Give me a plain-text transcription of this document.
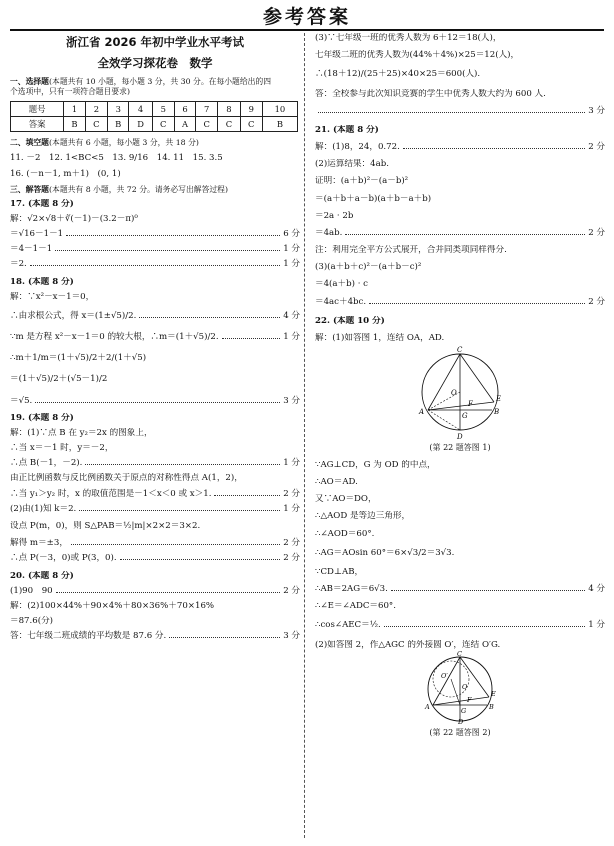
参考答案
浙江省 2026 年初中学业水平考试
全效学习探花卷　数学

一、选择题(本题共有 10 小题，每小题 3 分，共 30 分。在每小题给出的四

个选项中，只有一项符合题目要求)

题号	1	2	3	4	5	6	7	8	9	10
答案	B	C	B	D	C	A	C	C	C	B

二、填空题(本题共有 6 小题，每小题 3 分，共 18 分)

11. －2　12. 1<BC<5　13. 9/16　14. 11　15. 3.5

16. (－n－1, m＋1)　(0, 1)

三、解答题(本题共有 8 小题，共 72 分。请务必写出解答过程)

17. (本题 8 分)

解：√2×√8＋∛(－1)－(3.2－π)⁰

＝√16－1－1	6 分
＝4－1－1	1 分
＝2.	1 分

18. (本题 8 分)

解：∵x²－x－1＝0，

∴由求根公式，得 x＝(1±√5)/2.	4 分
∵m 是方程 x²－x－1＝0 的较大根，∴m＝(1＋√5)/2.	1 分

∴m＋1/m＝(1＋√5)/2＋2/(1＋√5)

＝(1＋√5)/2＋(√5－1)/2

＝√5.	3 分

19. (本题 8 分)

解：(1)∵点 B 在 y₂＝2x 的图象上，

∴当 x＝－1 时，y＝－2，

∴点 B(－1，－2).	1 分

由正比例函数与反比例函数关于原点的对称性得点 A(1，2)，

∴当 y₁＞y₂ 时，x 的取值范围是－1＜x＜0 或 x＞1.	2 分
(2)由(1)知 k＝2.	1 分

设点 P(m，0)，则 S△PAB＝½|m|×2×2＝3×2.

解得 m＝±3，	2 分
∴点 P(－3，0)或 P(3，0).	2 分

20. (本题 8 分)

(1)90　90	2 分

解：(2)100×44%＋90×4%＋80×36%＋70×16%

＝87.6(分)

答：七年级二班成绩的平均数是 87.6 分.	3 分

(3)∵七年级一班的优秀人数为 6＋12＝18(人)，

七年级二班的优秀人数为(44%＋4%)×25＝12(人)，

∴(18＋12)/(25＋25)×40×25＝600(人).

答：全校参与此次知识竞赛的学生中优秀人数大约为 600 人.

3 分

21. (本题 8 分)

解：(1)8，24，0.72.	2 分

(2)运算结果：4ab.

证明：(a＋b)²－(a－b)²

＝(a＋b＋a－b)(a＋b－a＋b)

＝2a · 2b

＝4ab.	2 分

注：利用完全平方公式展开，合并同类项同样得分.

(3)(a＋b＋c)²－(a＋b－c)²

＝4(a＋b) · c

＝4ac＋4bc.	2 分

22. (本题 10 分)

解：(1)如答图 1，连结 OA，AD.

C
O
A	G
F
E
B
D
(第 22 题答图 1)

∵AG⊥CD，G 为 OD 的中点，

∴AO＝AD.

又∵AO＝DO，

∴△AOD 是等边三角形，

∴∠AOD＝60°.

∴AG＝AOsin 60°＝6×√3/2＝3√3.

∵CD⊥AB，

∴AB＝2AG＝6√3.	4 分

∴∠E＝∠ADC＝60°.

∴cos∠AEC＝½.	1 分

(2)如答图 2，作△AGC 的外接圆 O′，连结 O′G.

C
O′
O
A	G
F
E
B
D
(第 22 题答图 2)
